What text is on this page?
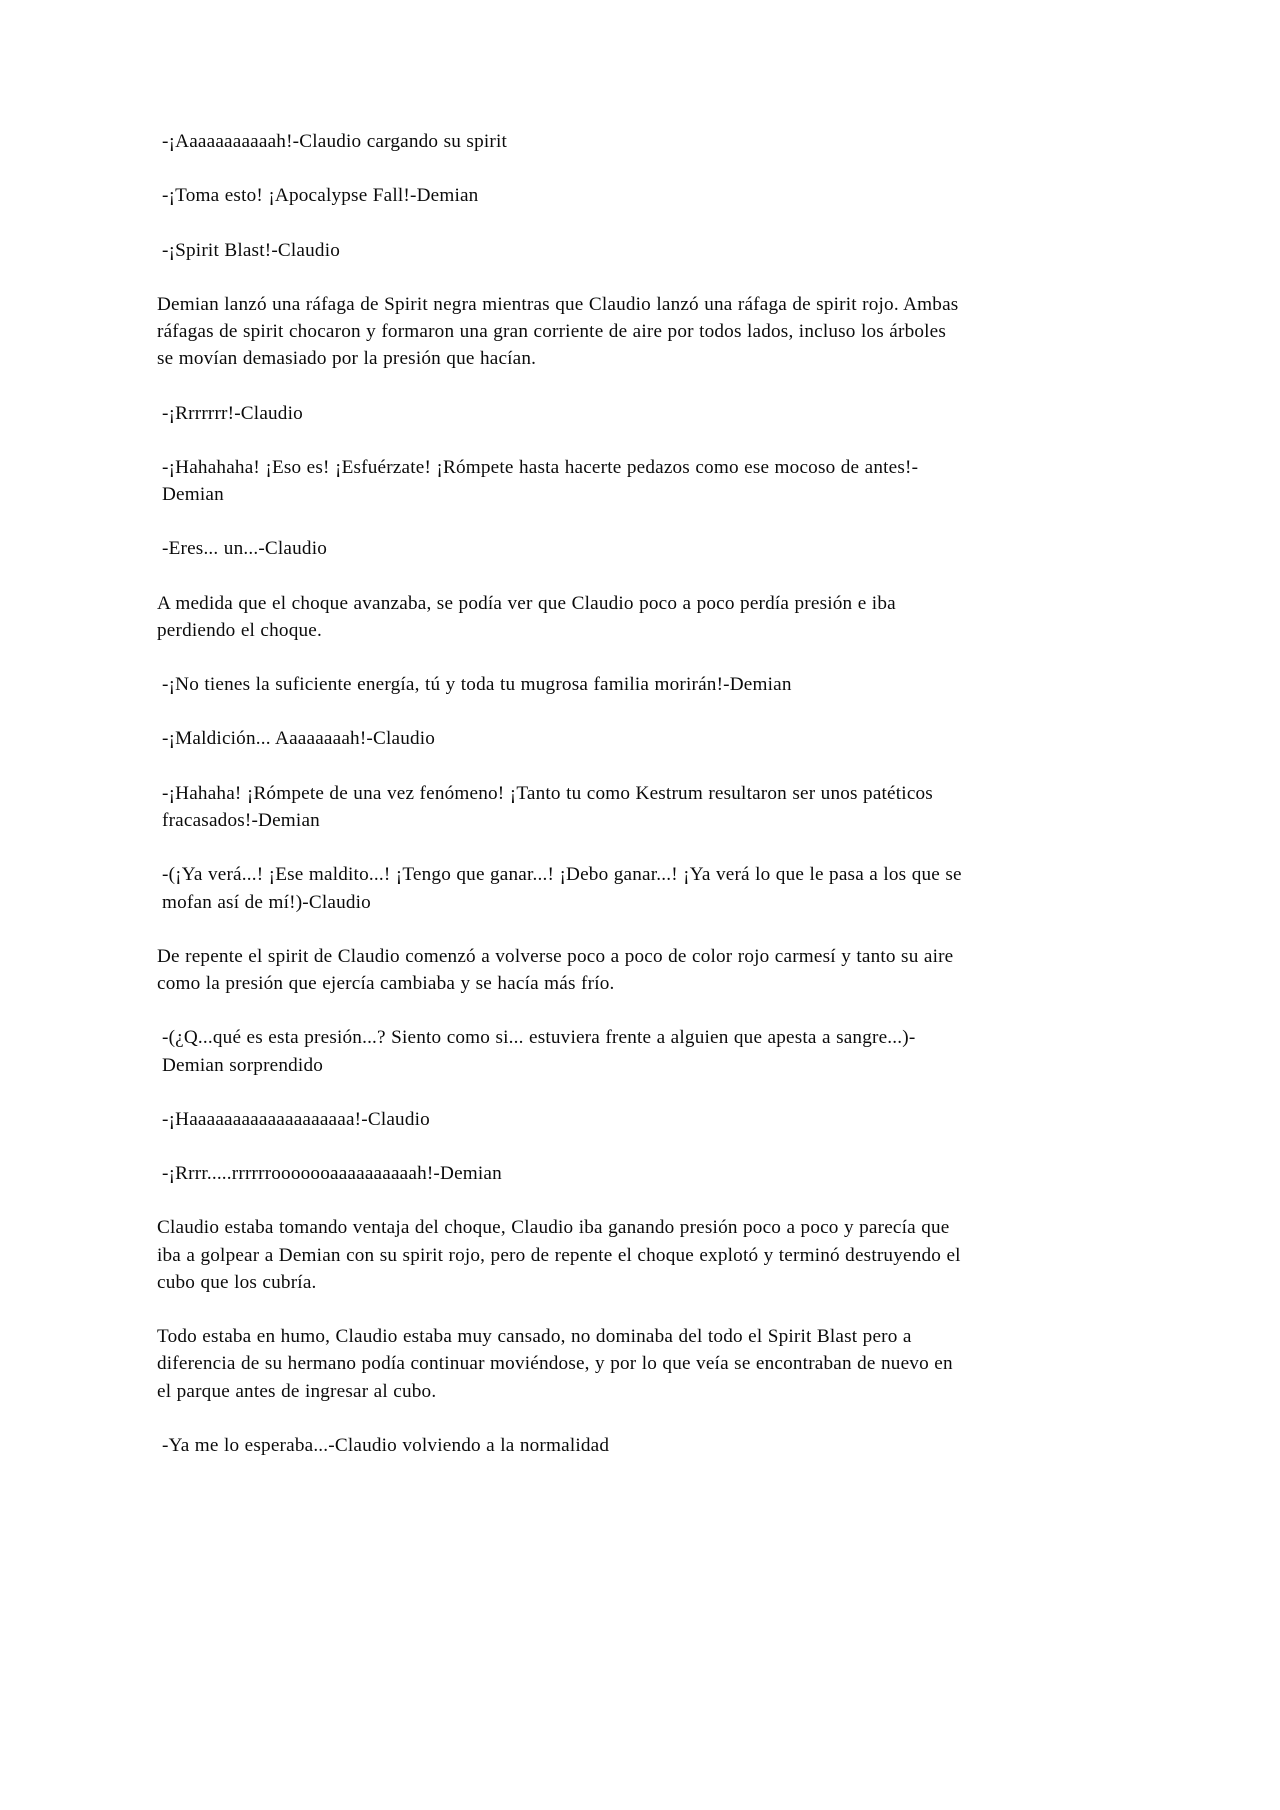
-¡Aaaaaaaaaaah!-Claudio cargando su spirit

-¡Toma esto! ¡Apocalypse Fall!-Demian

-¡Spirit Blast!-Claudio

Demian lanzó una ráfaga de Spirit negra mientras que Claudio lanzó una ráfaga de spirit rojo. Ambas ráfagas de spirit chocaron y formaron una gran corriente de aire por todos lados, incluso los árboles se movían demasiado por la presión que hacían.

-¡Rrrrrrr!-Claudio

-¡Hahahaha! ¡Eso es! ¡Esfuérzate! ¡Rómpete hasta hacerte pedazos como ese mocoso de antes!-Demian

-Eres... un...-Claudio

A medida que el choque avanzaba, se podía ver que Claudio poco a poco perdía presión e iba perdiendo el choque.

-¡No tienes la suficiente energía, tú y toda tu mugrosa familia morirán!-Demian

-¡Maldición... Aaaaaaaah!-Claudio

-¡Hahaha! ¡Rómpete de una vez fenómeno! ¡Tanto tu como Kestrum resultaron ser unos patéticos fracasados!-Demian

-(¡Ya verá...! ¡Ese maldito...! ¡Tengo que ganar...! ¡Debo ganar...! ¡Ya verá lo que le pasa a los que se mofan así de mí!)-Claudio

De repente el spirit de Claudio comenzó a volverse poco a poco de color rojo carmesí y tanto su aire como la presión que ejercía cambiaba y se hacía más frío.

-(¿Q...qué es esta presión...? Siento como si... estuviera frente a alguien que apesta a sangre...)-Demian sorprendido

-¡Haaaaaaaaaaaaaaaaaaa!-Claudio

-¡Rrrr.....rrrrrrooooooaaaaaaaaaah!-Demian

Claudio estaba tomando ventaja del choque, Claudio iba ganando presión poco a poco y parecía que iba a golpear a Demian con su spirit rojo, pero de repente el choque explotó y terminó destruyendo el cubo que los cubría.

Todo estaba en humo, Claudio estaba muy cansado, no dominaba del todo el Spirit Blast pero a diferencia de su hermano podía continuar moviéndose, y por lo que veía se encontraban de nuevo en el parque antes de ingresar al cubo.

-Ya me lo esperaba...-Claudio volviendo a la normalidad
